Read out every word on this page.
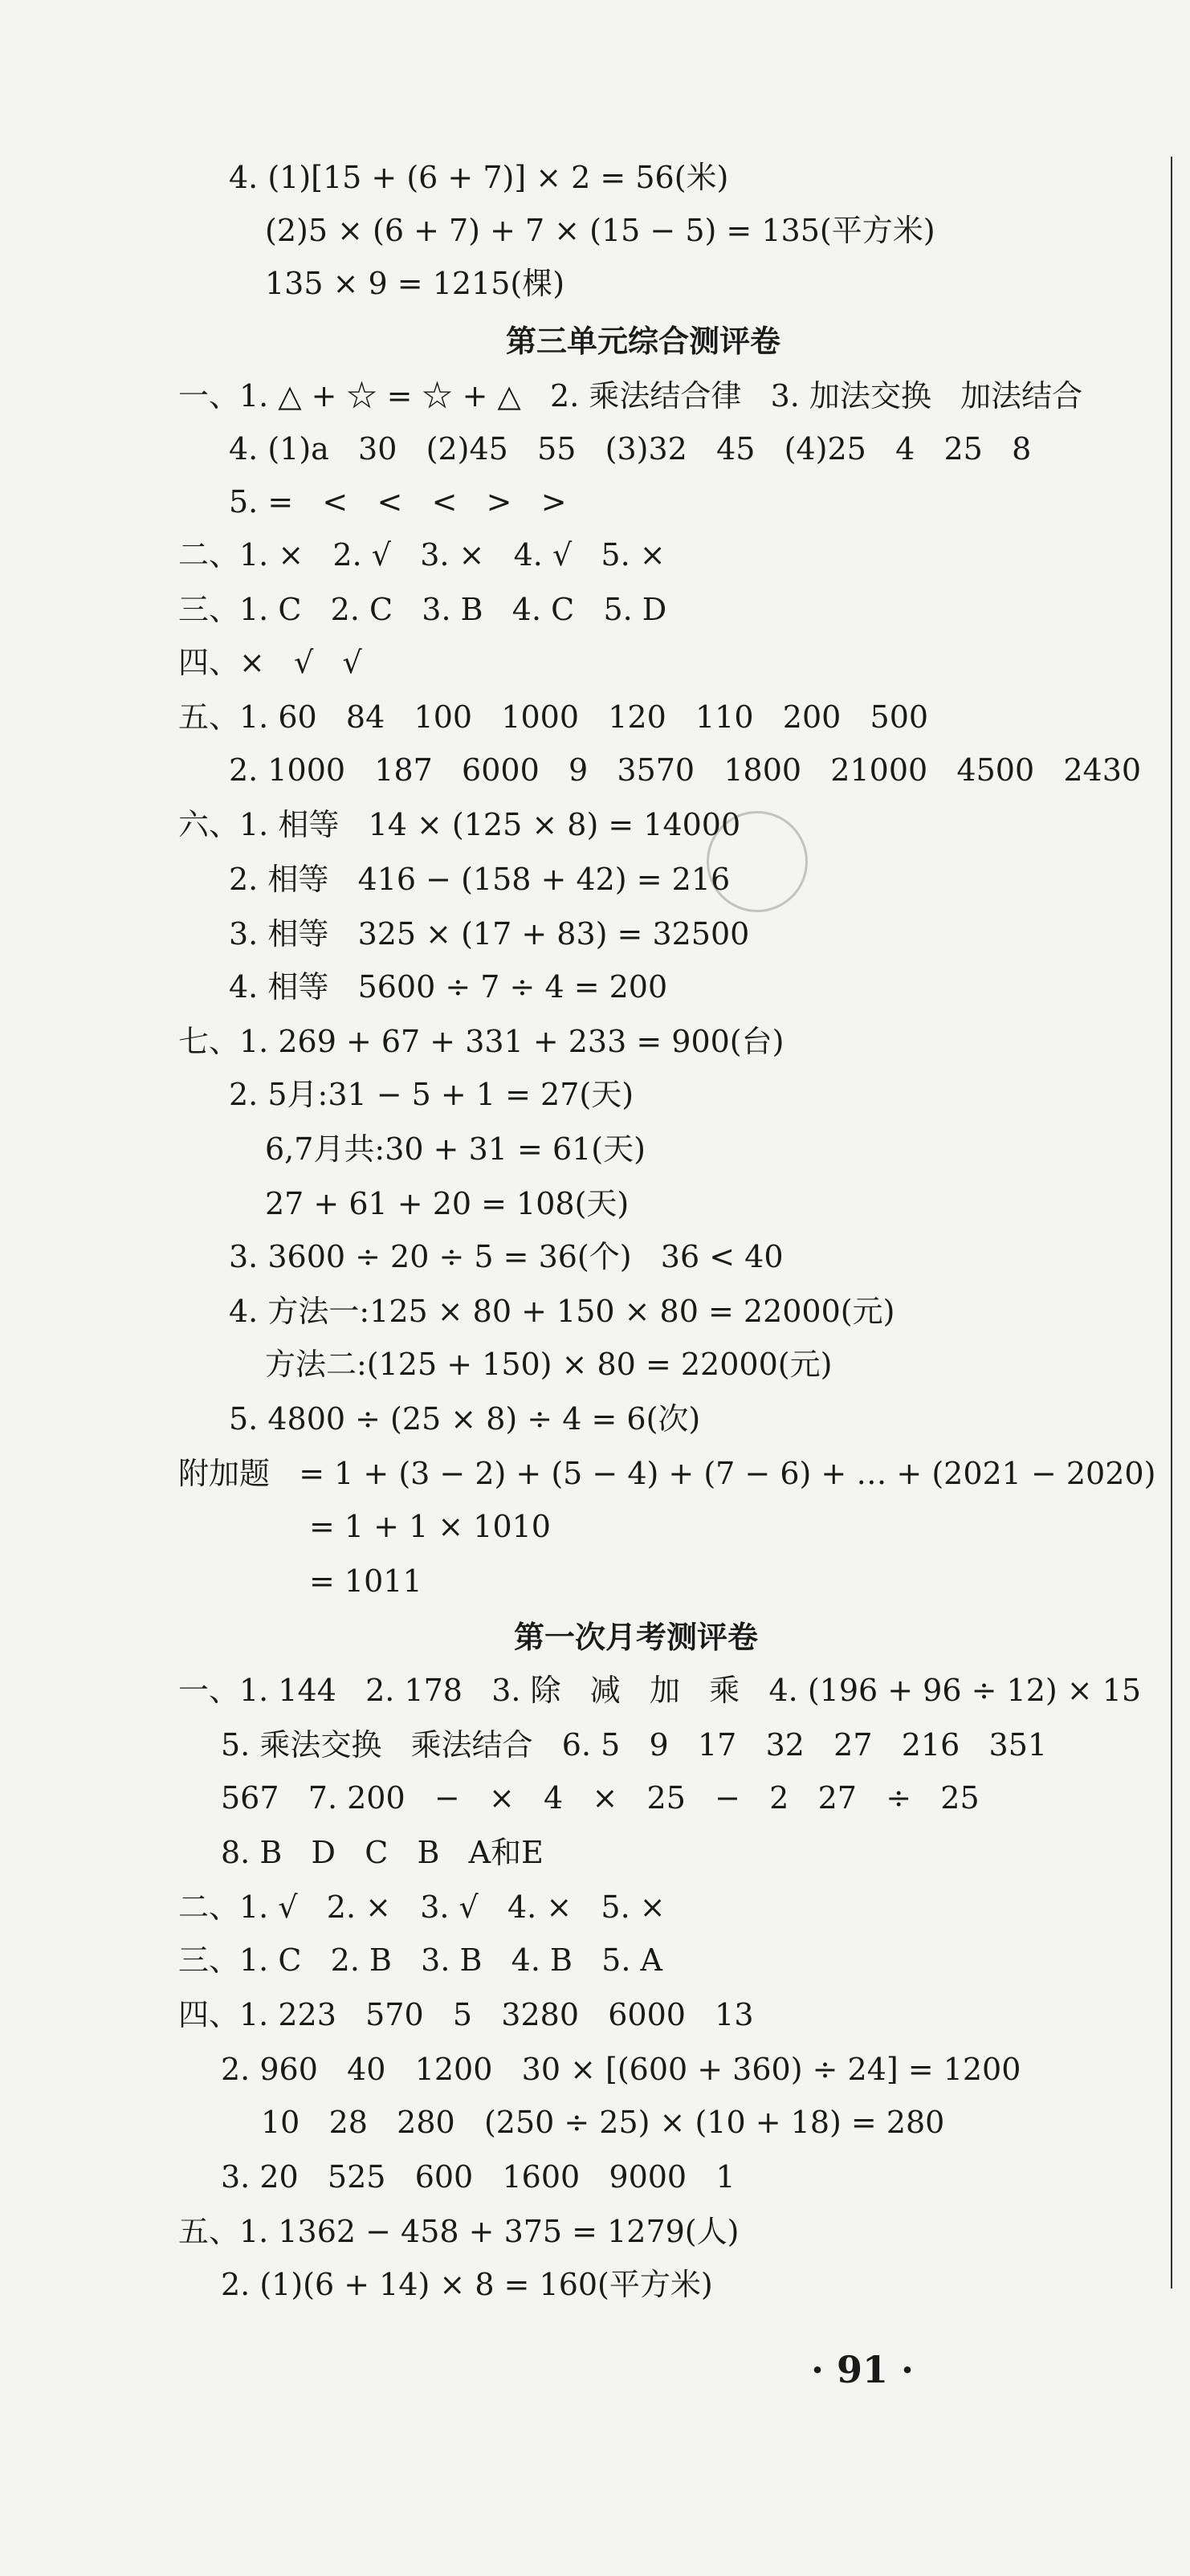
4. (1)[15 + (6 + 7)] × 2 = 56(米)
(2)5 × (6 + 7) + 7 × (15 − 5) = 135(平方米)
135 × 9 = 1215(棵)
第三单元综合测评卷
一、1. △ + ☆ = ☆ + △   2. 乘法结合律   3. 加法交换   加法结合
4. (1)a   30   (2)45   55   (3)32   45   (4)25   4   25   8
5. =   <   <   <   >   >
二、1. ×   2. √   3. ×   4. √   5. ×
三、1. C   2. C   3. B   4. C   5. D
四、×   √   √
五、1. 60   84   100   1000   120   110   200   500
2. 1000   187   6000   9   3570   1800   21000   4500   2430
六、1. 相等   14 × (125 × 8) = 14000
2. 相等   416 − (158 + 42) = 216
3. 相等   325 × (17 + 83) = 32500
4. 相等   5600 ÷ 7 ÷ 4 = 200
七、1. 269 + 67 + 331 + 233 = 900(台)
2. 5月:31 − 5 + 1 = 27(天)
6,7月共:30 + 31 = 61(天)
27 + 61 + 20 = 108(天)
3. 3600 ÷ 20 ÷ 5 = 36(个)   36 < 40
4. 方法一:125 × 80 + 150 × 80 = 22000(元)
方法二:(125 + 150) × 80 = 22000(元)
5. 4800 ÷ (25 × 8) ÷ 4 = 6(次)
附加题   = 1 + (3 − 2) + (5 − 4) + (7 − 6) + … + (2021 − 2020)
= 1 + 1 × 1010
= 1011
第一次月考测评卷
一、1. 144   2. 178   3. 除   减   加   乘   4. (196 + 96 ÷ 12) × 15
5. 乘法交换   乘法结合   6. 5   9   17   32   27   216   351
567   7. 200   −   ×   4   ×   25   −   2   27   ÷   25
8. B   D   C   B   A和E
二、1. √   2. ×   3. √   4. ×   5. ×
三、1. C   2. B   3. B   4. B   5. A
四、1. 223   570   5   3280   6000   13
2. 960   40   1200   30 × [(600 + 360) ÷ 24] = 1200
10   28   280   (250 ÷ 25) × (10 + 18) = 280
3. 20   525   600   1600   9000   1
五、1. 1362 − 458 + 375 = 1279(人)
2. (1)(6 + 14) × 8 = 160(平方米)
· 91 ·
